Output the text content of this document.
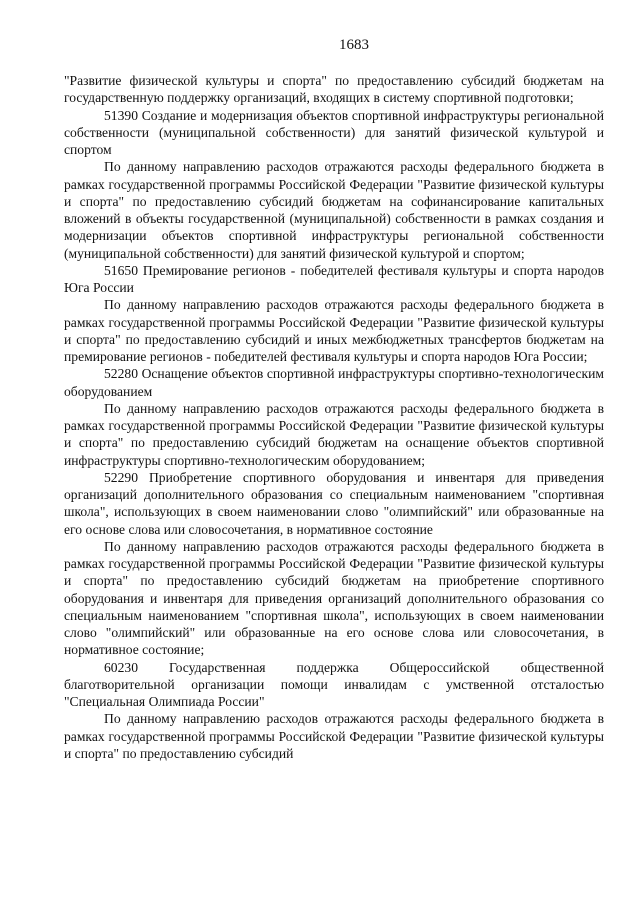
1683

"Развитие физической культуры и спорта" по предоставлению субсидий бюджетам на государственную поддержку организаций, входящих в систему спортивной подготовки;

51390 Создание и модернизация объектов спортивной инфраструктуры региональной собственности (муниципальной собственности) для занятий физической культурой и спортом

По данному направлению расходов отражаются расходы федерального бюджета в рамках государственной программы Российской Федерации "Развитие физической культуры и спорта" по предоставлению субсидий бюджетам на софинансирование капитальных вложений в объекты государственной (муниципальной) собственности в рамках создания и модернизации объектов спортивной инфраструктуры региональной собственности (муниципальной собственности) для занятий физической культурой и спортом;

51650 Премирование регионов - победителей фестиваля культуры и спорта народов Юга России

По данному направлению расходов отражаются расходы федерального бюджета в рамках государственной программы Российской Федерации "Развитие физической культуры и спорта" по предоставлению субсидий и иных межбюджетных трансфертов бюджетам на премирование регионов - победителей фестиваля культуры и спорта народов Юга России;

52280 Оснащение объектов спортивной инфраструктуры спортивно-технологическим оборудованием

По данному направлению расходов отражаются расходы федерального бюджета в рамках государственной программы Российской Федерации "Развитие физической культуры и спорта" по предоставлению субсидий бюджетам на оснащение объектов спортивной инфраструктуры спортивно-технологическим оборудованием;

52290 Приобретение спортивного оборудования и инвентаря для приведения организаций дополнительного образования со специальным наименованием "спортивная школа", использующих в своем наименовании слово "олимпийский" или образованные на его основе слова или словосочетания, в нормативное состояние

По данному направлению расходов отражаются расходы федерального бюджета в рамках государственной программы Российской Федерации "Развитие физической культуры и спорта" по предоставлению субсидий бюджетам на приобретение спортивного оборудования и инвентаря для приведения организаций дополнительного образования со специальным наименованием "спортивная школа", использующих в своем наименовании слово "олимпийский" или образованные на его основе слова или словосочетания, в нормативное состояние;

60230 Государственная поддержка Общероссийской общественной благотворительной организации помощи инвалидам с умственной отсталостью "Специальная Олимпиада России"

По данному направлению расходов отражаются расходы федерального бюджета в рамках государственной программы Российской Федерации "Развитие физической культуры и спорта" по предоставлению субсидий
